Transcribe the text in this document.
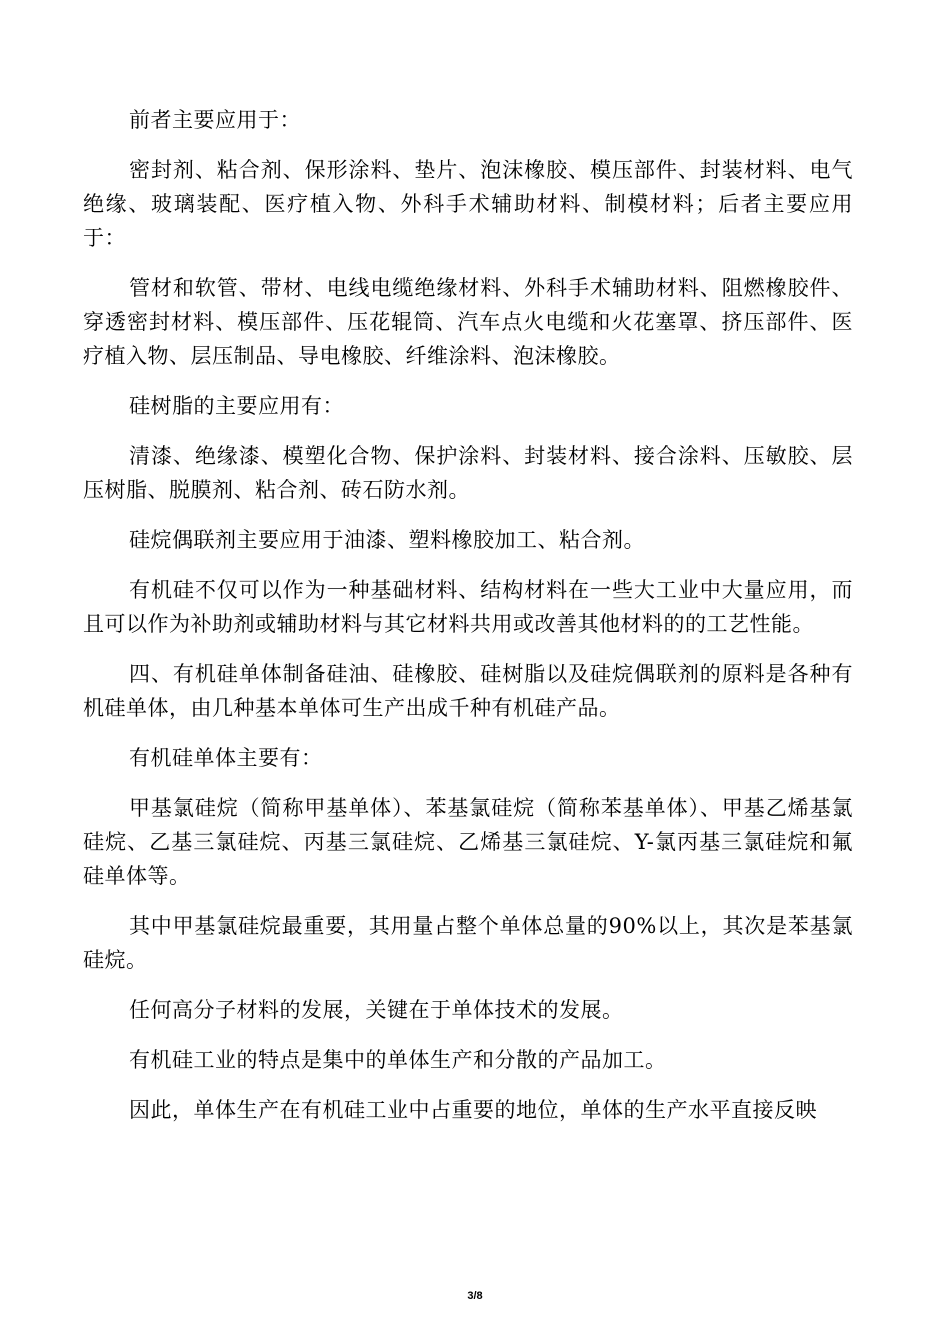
前者主要应用于：

密封剂、粘合剂、保形涂料、垫片、泡沫橡胶、模压部件、封装材料、电气绝缘、玻璃装配、医疗植入物、外科手术辅助材料、制模材料；后者主要应用于：

管材和软管、带材、电线电缆绝缘材料、外科手术辅助材料、阻燃橡胶件、穿透密封材料、模压部件、压花辊筒、汽车点火电缆和火花塞罩、挤压部件、医疗植入物、层压制品、导电橡胶、纤维涂料、泡沫橡胶。

硅树脂的主要应用有：

清漆、绝缘漆、模塑化合物、保护涂料、封装材料、接合涂料、压敏胶、层压树脂、脱膜剂、粘合剂、砖石防水剂。

硅烷偶联剂主要应用于油漆、塑料橡胶加工、粘合剂。

有机硅不仅可以作为一种基础材料、结构材料在一些大工业中大量应用，而且可以作为补助剂或辅助材料与其它材料共用或改善其他材料的的工艺性能。

四、有机硅单体制备硅油、硅橡胶、硅树脂以及硅烷偶联剂的原料是各种有机硅单体，由几种基本单体可生产出成千种有机硅产品。

有机硅单体主要有：

甲基氯硅烷（简称甲基单体）、苯基氯硅烷（简称苯基单体）、甲基乙烯基氯硅烷、乙基三氯硅烷、丙基三氯硅烷、乙烯基三氯硅烷、Y-氯丙基三氯硅烷和氟硅单体等。

其中甲基氯硅烷最重要，其用量占整个单体总量的90%以上，其次是苯基氯硅烷。

任何高分子材料的发展，关键在于单体技术的发展。

有机硅工业的特点是集中的单体生产和分散的产品加工。

因此，单体生产在有机硅工业中占重要的地位，单体的生产水平直接反映

3/8
